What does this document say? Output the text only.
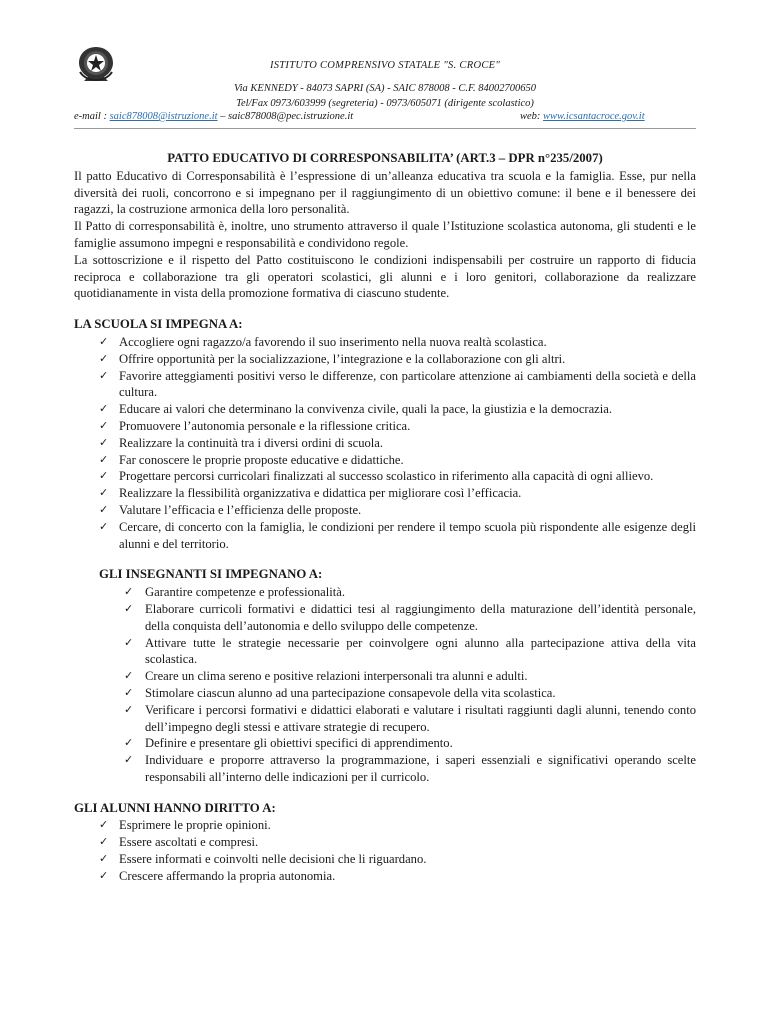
ISTITUTO COMPRENSIVO STATALE "S. CROCE"
Via KENNEDY - 84073 SAPRI (SA) - SAIC 878008 - C.F. 84002700650
Tel/Fax 0973/603999 (segreteria) - 0973/605071 (dirigente scolastico)
e-mail : saic878008@istruzione.it – saic878008@pec.istruzione.it	web: www.icsantacroce.gov.it
PATTO EDUCATIVO DI CORRESPONSABILITA’ (ART.3 – DPR n°235/2007)

Il patto Educativo di Corresponsabilità è l’espressione di un’alleanza educativa tra scuola e la famiglia. Esse, pur nella diversità dei ruoli, concorrono e si impegnano per il raggiungimento di un obiettivo comune: il bene e il benessere dei ragazzi, la costruzione armonica della loro personalità.

Il Patto di corresponsabilità è, inoltre, uno strumento attraverso il quale l’Istituzione scolastica autonoma, gli studenti e le famiglie assumono impegni e responsabilità e condividono regole.

La sottoscrizione e il rispetto del Patto costituiscono le condizioni indispensabili per costruire un rapporto di fiducia reciproca e collaborazione tra gli operatori scolastici, gli alunni e i loro genitori, collaborazione da realizzare quotidianamente in vista della promozione formativa di ciascuno studente.

LA SCUOLA SI IMPEGNA A:
✓ Accogliere ogni ragazzo/a favorendo il suo inserimento nella nuova realtà scolastica.
✓ Offrire opportunità per la socializzazione, l’integrazione e la collaborazione con gli altri.
✓ Favorire atteggiamenti positivi verso le differenze, con particolare attenzione ai cambiamenti della società e della cultura.
✓ Educare ai valori che determinano la convivenza civile, quali la pace, la giustizia e la democrazia.
✓ Promuovere l’autonomia personale e la riflessione critica.
✓ Realizzare la continuità tra i diversi ordini di scuola.
✓ Far conoscere le proprie proposte educative e didattiche.
✓ Progettare percorsi curricolari finalizzati al successo scolastico in riferimento alla capacità di ogni allievo.
✓ Realizzare la flessibilità organizzativa e didattica per migliorare così l’efficacia.
✓ Valutare l’efficacia e l’efficienza delle proposte.
✓ Cercare, di concerto con la famiglia, le condizioni per rendere il tempo scuola più rispondente alle esigenze degli alunni e del territorio.
GLI INSEGNANTI SI IMPEGNANO A:
✓ Garantire competenze e professionalità.
✓ Elaborare curricoli formativi e didattici tesi al raggiungimento della maturazione dell’identità personale, della conquista dell’autonomia e dello sviluppo delle competenze.
✓ Attivare tutte le strategie necessarie per coinvolgere ogni alunno alla partecipazione attiva della vita scolastica.
✓ Creare un clima sereno e positive relazioni interpersonali tra alunni e adulti.
✓ Stimolare ciascun alunno ad una partecipazione consapevole della vita scolastica.
✓ Verificare i percorsi formativi e didattici elaborati e valutare i risultati raggiunti dagli alunni, tenendo conto dell’impegno degli stessi e attivare strategie di recupero.
✓ Definire e presentare gli obiettivi specifici di apprendimento.
✓ Individuare e proporre attraverso la programmazione, i saperi essenziali e significativi operando scelte responsabili all’interno delle indicazioni per il curricolo.
GLI ALUNNI HANNO DIRITTO A:
✓ Esprimere le proprie opinioni.
✓ Essere ascoltati e compresi.
✓ Essere informati e coinvolti nelle decisioni che li riguardano.
✓ Crescere affermando la propria autonomia.
